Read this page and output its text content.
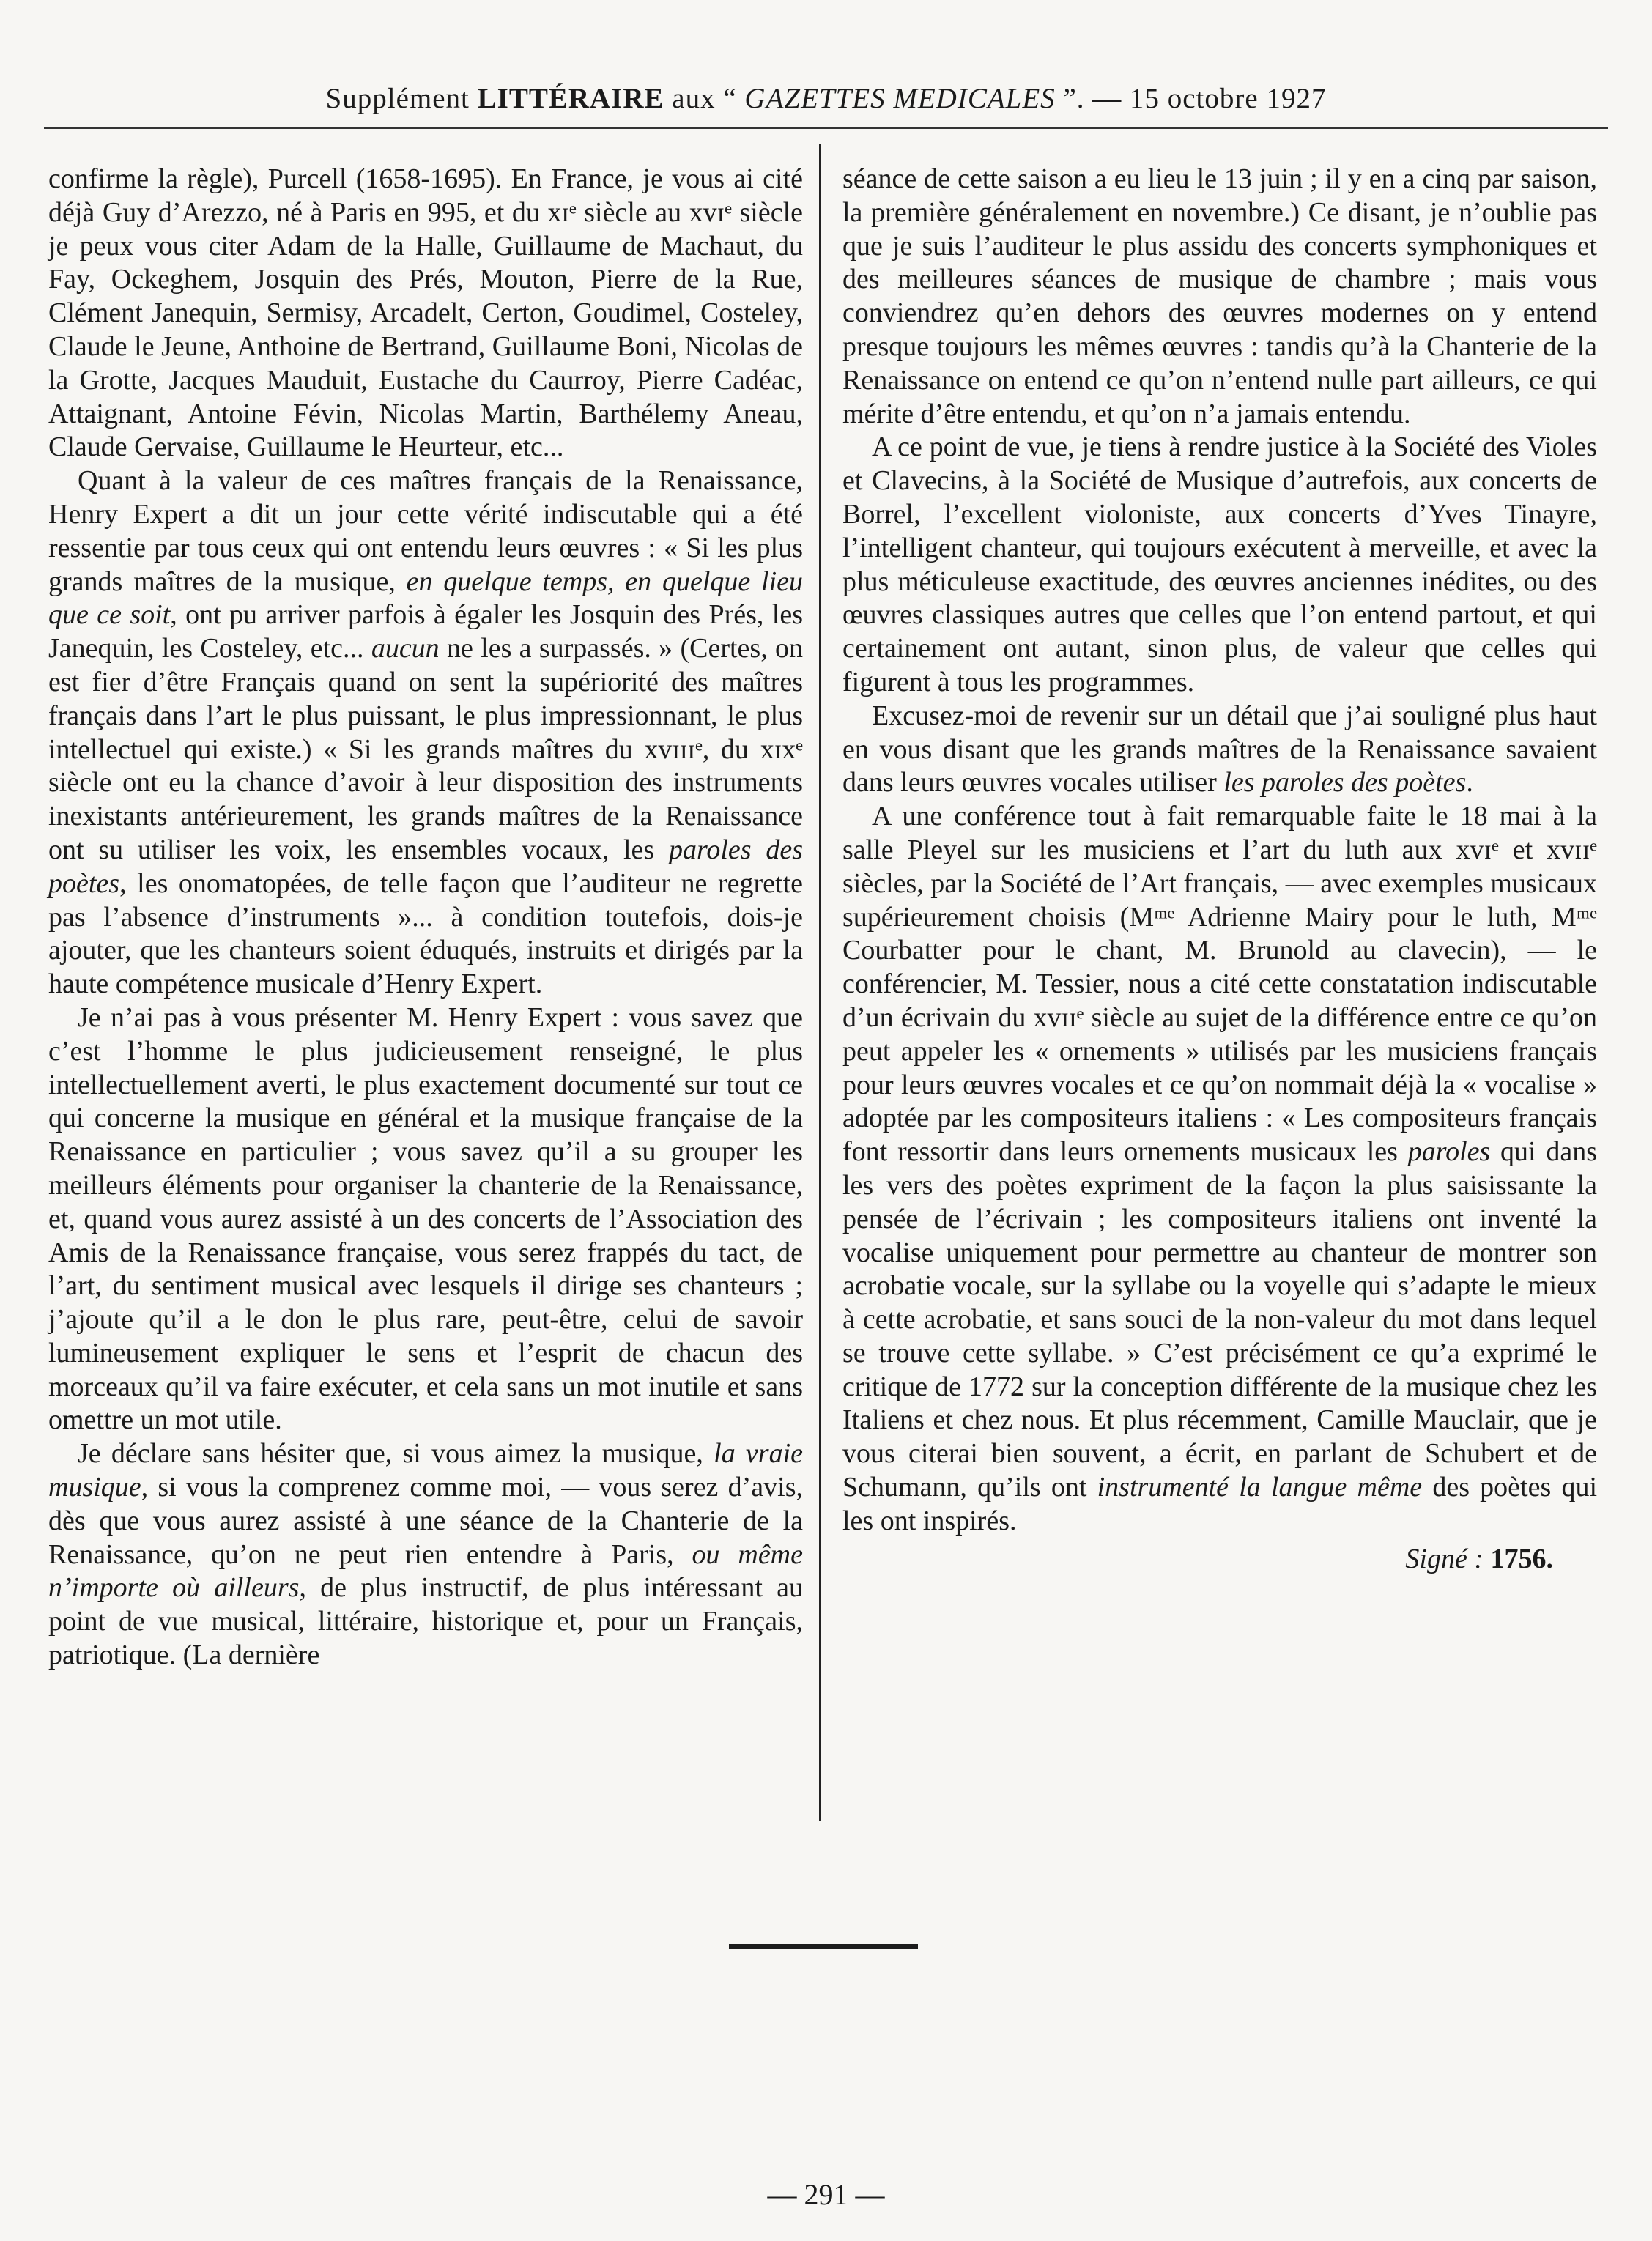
Supplément LITTÉRAIRE aux “ GAZETTES MEDICALES ”. — 15 octobre 1927

confirme la règle), Purcell (1658-1695). En France, je vous ai cité déjà Guy d’Arezzo, né à Paris en 995, et du xɪᵉ siècle au xvɪᵉ siècle je peux vous citer Adam de la Halle, Guillaume de Machaut, du Fay, Ockeghem, Josquin des Prés, Mouton, Pierre de la Rue, Clément Janequin, Sermisy, Arcadelt, Certon, Goudimel, Costeley, Claude le Jeune, Anthoine de Bertrand, Guillaume Boni, Nicolas de la Grotte, Jacques Mauduit, Eustache du Caurroy, Pierre Cadéac, Attaignant, Antoine Févin, Nicolas Martin, Barthélemy Aneau, Claude Gervaise, Guillaume le Heurteur, etc...

Quant à la valeur de ces maîtres français de la Renaissance, Henry Expert a dit un jour cette vérité indiscutable qui a été ressentie par tous ceux qui ont entendu leurs œuvres : « Si les plus grands maîtres de la musique, en quelque temps, en quelque lieu que ce soit, ont pu arriver parfois à égaler les Josquin des Prés, les Janequin, les Costeley, etc... aucun ne les a surpassés. » (Certes, on est fier d’être Français quand on sent la supériorité des maîtres français dans l’art le plus puissant, le plus impressionnant, le plus intellectuel qui existe.) « Si les grands maîtres du xvɪɪɪᵉ, du xɪxᵉ siècle ont eu la chance d’avoir à leur disposition des instruments inexistants antérieurement, les grands maîtres de la Renaissance ont su utiliser les voix, les ensembles vocaux, les paroles des poètes, les onomatopées, de telle façon que l’auditeur ne regrette pas l’absence d’instruments »... à condition toutefois, dois-je ajouter, que les chanteurs soient éduqués, instruits et dirigés par la haute compétence musicale d’Henry Expert.

Je n’ai pas à vous présenter M. Henry Expert : vous savez que c’est l’homme le plus judicieusement renseigné, le plus intellectuellement averti, le plus exactement documenté sur tout ce qui concerne la musique en général et la musique française de la Renaissance en particulier ; vous savez qu’il a su grouper les meilleurs éléments pour organiser la chanterie de la Renaissance, et, quand vous aurez assisté à un des concerts de l’Association des Amis de la Renaissance française, vous serez frappés du tact, de l’art, du sentiment musical avec lesquels il dirige ses chanteurs ; j’ajoute qu’il a le don le plus rare, peut-être, celui de savoir lumineusement expliquer le sens et l’esprit de chacun des morceaux qu’il va faire exécuter, et cela sans un mot inutile et sans omettre un mot utile.

Je déclare sans hésiter que, si vous aimez la musique, la vraie musique, si vous la comprenez comme moi, — vous serez d’avis, dès que vous aurez assisté à une séance de la Chanterie de la Renaissance, qu’on ne peut rien entendre à Paris, ou même n’importe où ailleurs, de plus instructif, de plus intéressant au point de vue musical, littéraire, historique et, pour un Français, patriotique. (La dernière

séance de cette saison a eu lieu le 13 juin ; il y en a cinq par saison, la première généralement en novembre.) Ce disant, je n’oublie pas que je suis l’auditeur le plus assidu des concerts symphoniques et des meilleures séances de musique de chambre ; mais vous conviendrez qu’en dehors des œuvres modernes on y entend presque toujours les mêmes œuvres : tandis qu’à la Chanterie de la Renaissance on entend ce qu’on n’entend nulle part ailleurs, ce qui mérite d’être entendu, et qu’on n’a jamais entendu.

A ce point de vue, je tiens à rendre justice à la Société des Violes et Clavecins, à la Société de Musique d’autrefois, aux concerts de Borrel, l’excellent violoniste, aux concerts d’Yves Tinayre, l’intelligent chanteur, qui toujours exécutent à merveille, et avec la plus méticuleuse exactitude, des œuvres anciennes inédites, ou des œuvres classiques autres que celles que l’on entend partout, et qui certainement ont autant, sinon plus, de valeur que celles qui figurent à tous les programmes.

Excusez-moi de revenir sur un détail que j’ai souligné plus haut en vous disant que les grands maîtres de la Renaissance savaient dans leurs œuvres vocales utiliser les paroles des poètes.

A une conférence tout à fait remarquable faite le 18 mai à la salle Pleyel sur les musiciens et l’art du luth aux xvɪᵉ et xvɪɪᵉ siècles, par la Société de l’Art français, — avec exemples musicaux supérieurement choisis (Mᵐᵉ Adrienne Mairy pour le luth, Mᵐᵉ Courbatter pour le chant, M. Brunold au clavecin), — le conférencier, M. Tessier, nous a cité cette constatation indiscutable d’un écrivain du xvɪɪᵉ siècle au sujet de la différence entre ce qu’on peut appeler les « ornements » utilisés par les musiciens français pour leurs œuvres vocales et ce qu’on nommait déjà la « vocalise » adoptée par les compositeurs italiens : « Les compositeurs français font ressortir dans leurs ornements musicaux les paroles qui dans les vers des poètes expriment de la façon la plus saisissante la pensée de l’écrivain ; les compositeurs italiens ont inventé la vocalise uniquement pour permettre au chanteur de montrer son acrobatie vocale, sur la syllabe ou la voyelle qui s’adapte le mieux à cette acrobatie, et sans souci de la non-valeur du mot dans lequel se trouve cette syllabe. » C’est précisément ce qu’a exprimé le critique de 1772 sur la conception différente de la musique chez les Italiens et chez nous. Et plus récemment, Camille Mauclair, que je vous citerai bien souvent, a écrit, en parlant de Schubert et de Schumann, qu’ils ont instrumenté la langue même des poètes qui les ont inspirés.

Signé : 1756.
— 291 —
